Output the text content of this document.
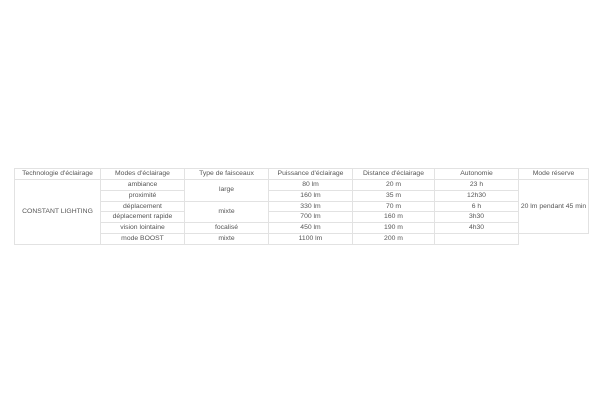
Technologie d'éclairage	Modes d'éclairage	Type de faisceaux	Puissance d'éclairage	Distance d'éclairage	Autonomie	Mode réserve
CONSTANT LIGHTING	ambiance	large	80 lm	20 m	23 h	20 lm pendant 45 min
	proximité		160 lm	35 m	12h30	
	déplacement	mixte	330 lm	70 m	6 h	
	déplacement rapide		700 lm	160 m	3h30	
	vision lointaine	focalisé	450 lm	190 m	4h30	
	mode BOOST	mixte	1100 lm	200 m		
